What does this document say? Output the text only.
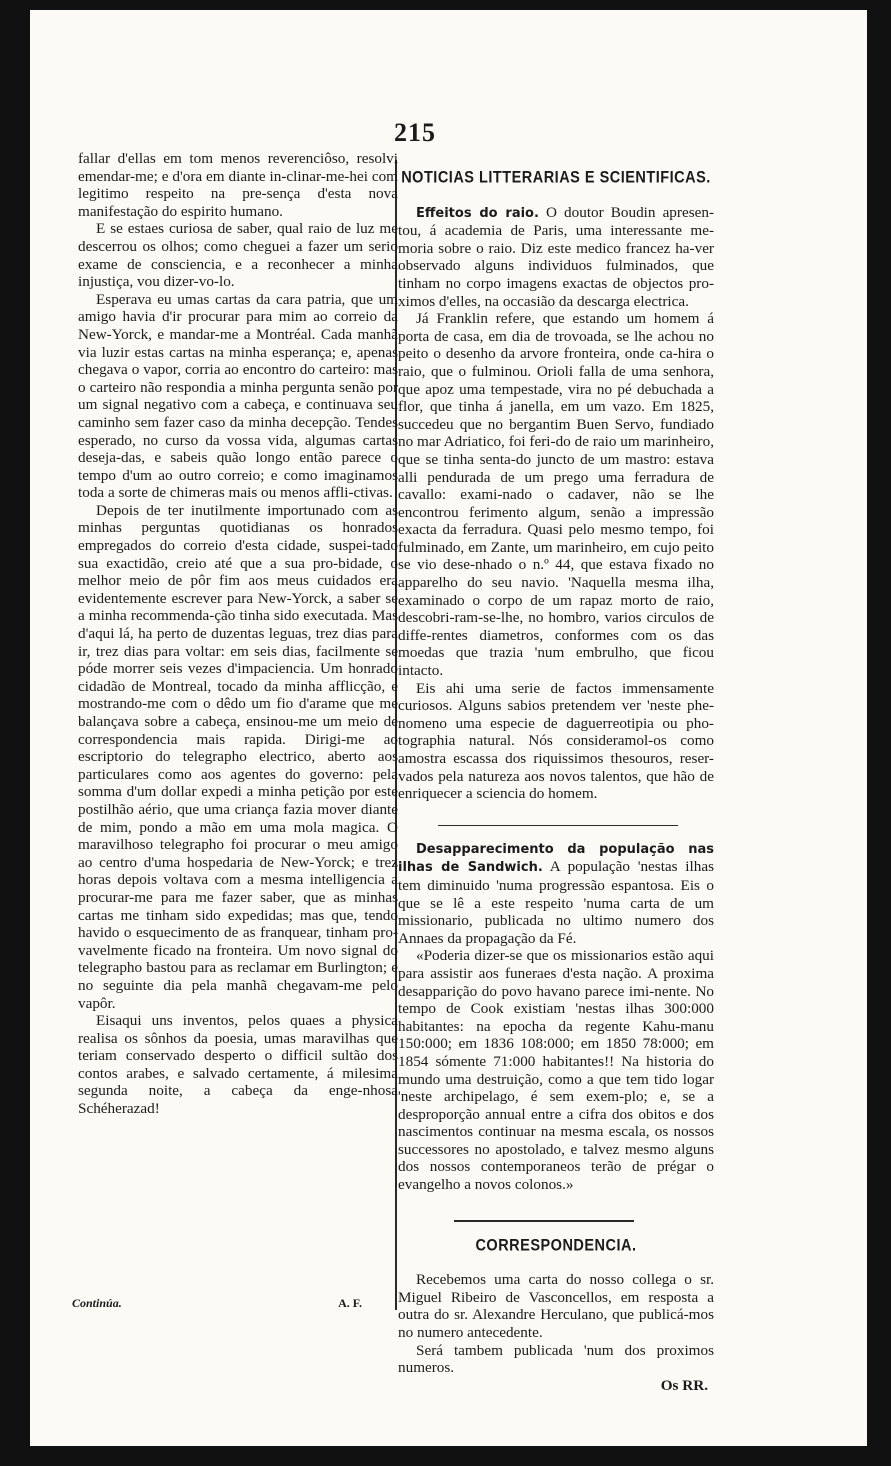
215

fallar d'ellas em tom menos reverenciôso, resolvi emendar-me; e d'ora em diante in-clinar-me-hei com legitimo respeito na pre-sença d'esta nova manifestação do espirito humano.

E se estaes curiosa de saber, qual raio de luz me descerrou os olhos; como cheguei a fazer um serio exame de consciencia, e a reconhecer a minha injustiça, vou dizer-vo-lo.

Esperava eu umas cartas da cara patria, que um amigo havia d'ir procurar para mim ao correio da New-Yorck, e mandar-me a Montréal. Cada manhã via luzir estas cartas na minha esperança; e, apenas chegava o vapor, corria ao encontro do carteiro: mas o carteiro não respondia a minha pergunta senão por um signal negativo com a cabeça, e continuava seu caminho sem fazer caso da minha decepção. Tendes esperado, no curso da vossa vida, algumas cartas deseja-das, e sabeis quão longo então parece o tempo d'um ao outro correio; e como imaginamos toda a sorte de chimeras mais ou menos affli-ctivas.

Depois de ter inutilmente importunado com as minhas perguntas quotidianas os honrados empregados do correio d'esta cidade, suspei-tado sua exactidão, creio até que a sua pro-bidade, o melhor meio de pôr fim aos meus cuidados era evidentemente escrever para New-Yorck, a saber se a minha recommenda-ção tinha sido executada. Mas d'aqui lá, ha perto de duzentas leguas, trez dias para ir, trez dias para voltar: em seis dias, facilmente se póde morrer seis vezes d'impaciencia. Um honrado cidadão de Montreal, tocado da minha afflicção, e mostrando-me com o dêdo um fio d'arame que me balançava sobre a cabeça, ensinou-me um meio de correspondencia mais rapida. Dirigi-me ao escriptorio do telegrapho electrico, aberto aos particulares como aos agentes do governo: pela somma d'um dollar expedi a minha petição por este postilhão aério, que uma criança fazia mover diante de mim, pondo a mão em uma mola magica. O maravilhoso telegrapho foi procurar o meu amigo ao centro d'uma hospedaria de New-Yorck; e trez horas depois voltava com a mesma intelligencia a procurar-me para me fazer saber, que as minhas cartas me tinham sido expedidas; mas que, tendo havido o esquecimento de as franquear, tinham pro-vavelmente ficado na fronteira. Um novo signal do telegrapho bastou para as reclamar em Burlington; e no seguinte dia pela manhã chegavam-me pelo vapôr.

Eisaqui uns inventos, pelos quaes a physica realisa os sônhos da poesia, umas maravilhas que teriam conservado desperto o difficil sultão dos contos arabes, e salvado certamente, á milesima segunda noite, a cabeça da enge-nhosa Schéherazad!

Continúa.	A. F.
NOTICIAS LITTERARIAS E SCIENTIFICAS.

Effeitos do raio. O doutor Boudin apresen-tou, á academia de Paris, uma interessante me-moria sobre o raio. Diz este medico francez ha-ver observado alguns individuos fulminados, que tinham no corpo imagens exactas de objectos pro-ximos d'elles, na occasião da descarga electrica.

Já Franklin refere, que estando um homem á porta de casa, em dia de trovoada, se lhe achou no peito o desenho da arvore fronteira, onde ca-hira o raio, que o fulminou. Orioli falla de uma senhora, que apoz uma tempestade, vira no pé debuchada a flor, que tinha á janella, em um vazo. Em 1825, succedeu que no bergantim Buen Servo, fundiado no mar Adriatico, foi feri-do de raio um marinheiro, que se tinha senta-do juncto de um mastro: estava alli pendurada de um prego uma ferradura de cavallo: exami-nado o cadaver, não se lhe encontrou ferimento algum, senão a impressão exacta da ferradura. Quasi pelo mesmo tempo, foi fulminado, em Zante, um marinheiro, em cujo peito se vio dese-nhado o n.º 44, que estava fixado no apparelho do seu navio. 'Naquella mesma ilha, examinado o corpo de um rapaz morto de raio, descobri-ram-se-lhe, no hombro, varios circulos de diffe-rentes diametros, conformes com os das moedas que trazia 'num embrulho, que ficou intacto.

Eis ahi uma serie de factos immensamente curiosos. Alguns sabios pretendem ver 'neste phe-nomeno uma especie de daguerreotipia ou pho-tographia natural. Nós consideramol-os como amostra escassa dos riquissimos thesouros, reser-vados pela natureza aos novos talentos, que hão de enriquecer a sciencia do homem.

Desapparecimento da população nas ilhas de Sandwich. A população 'nestas ilhas tem diminuido 'numa progressão espantosa. Eis o que se lê a este respeito 'numa carta de um missionario, publicada no ultimo numero dos Annaes da propagação da Fé.

«Poderia dizer-se que os missionarios estão aqui para assistir aos funeraes d'esta nação. A proxima desapparição do povo havano parece imi-nente. No tempo de Cook existiam 'nestas ilhas 300:000 habitantes: na epocha da regente Kahu-manu 150:000; em 1836 108:000; em 1850 78:000; em 1854 sómente 71:000 habitantes!! Na historia do mundo uma destruição, como a que tem tido logar 'neste archipelago, é sem exem-plo; e, se a desproporção annual entre a cifra dos obitos e dos nascimentos continuar na mesma escala, os nossos successores no apostolado, e talvez mesmo alguns dos nossos contemporaneos terão de prégar o evangelho a novos colonos.»

CORRESPONDENCIA.

Recebemos uma carta do nosso collega o sr. Miguel Ribeiro de Vasconcellos, em resposta a outra do sr. Alexandre Herculano, que publicá-mos no numero antecedente.

Será tambem publicada 'num dos proximos numeros.

Os RR.
